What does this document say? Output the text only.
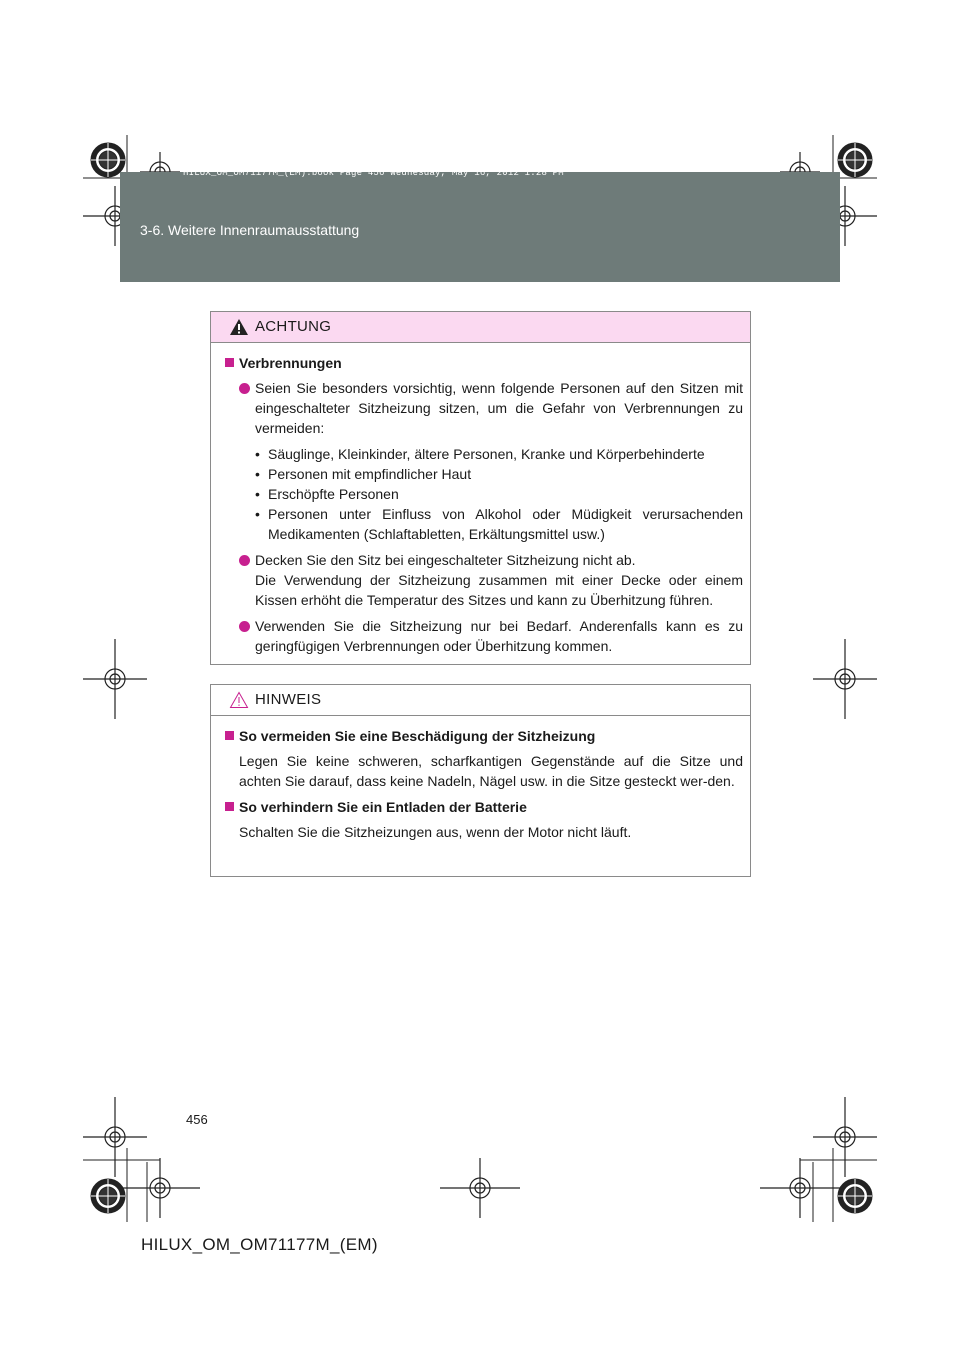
HILUX_OM_OM71177M_(EM).book Page 456 Wednesday, May 16, 2012 1:28 PM
3-6. Weitere Innenraumausstattung
ACHTUNG
Verbrennungen
Seien Sie besonders vorsichtig, wenn folgende Personen auf den Sitzen mit eingeschalteter Sitzheizung sitzen, um die Gefahr von Verbrennungen zu vermeiden:
• Säuglinge, Kleinkinder, ältere Personen, Kranke und Körperbehinderte
• Personen mit empfindlicher Haut
• Erschöpfte Personen
• Personen unter Einfluss von Alkohol oder Müdigkeit verursachenden Medikamenten (Schlaftabletten, Erkältungsmittel usw.)
Decken Sie den Sitz bei eingeschalteter Sitzheizung nicht ab.
Die Verwendung der Sitzheizung zusammen mit einer Decke oder einem Kissen erhöht die Temperatur des Sitzes und kann zu Überhitzung führen.
Verwenden Sie die Sitzheizung nur bei Bedarf. Anderenfalls kann es zu geringfügigen Verbrennungen oder Überhitzung kommen.
HINWEIS
So vermeiden Sie eine Beschädigung der Sitzheizung
Legen Sie keine schweren, scharfkantigen Gegenstände auf die Sitze und achten Sie darauf, dass keine Nadeln, Nägel usw. in die Sitze gesteckt wer-den.
So verhindern Sie ein Entladen der Batterie
Schalten Sie die Sitzheizungen aus, wenn der Motor nicht läuft.
456
HILUX_OM_OM71177M_(EM)
